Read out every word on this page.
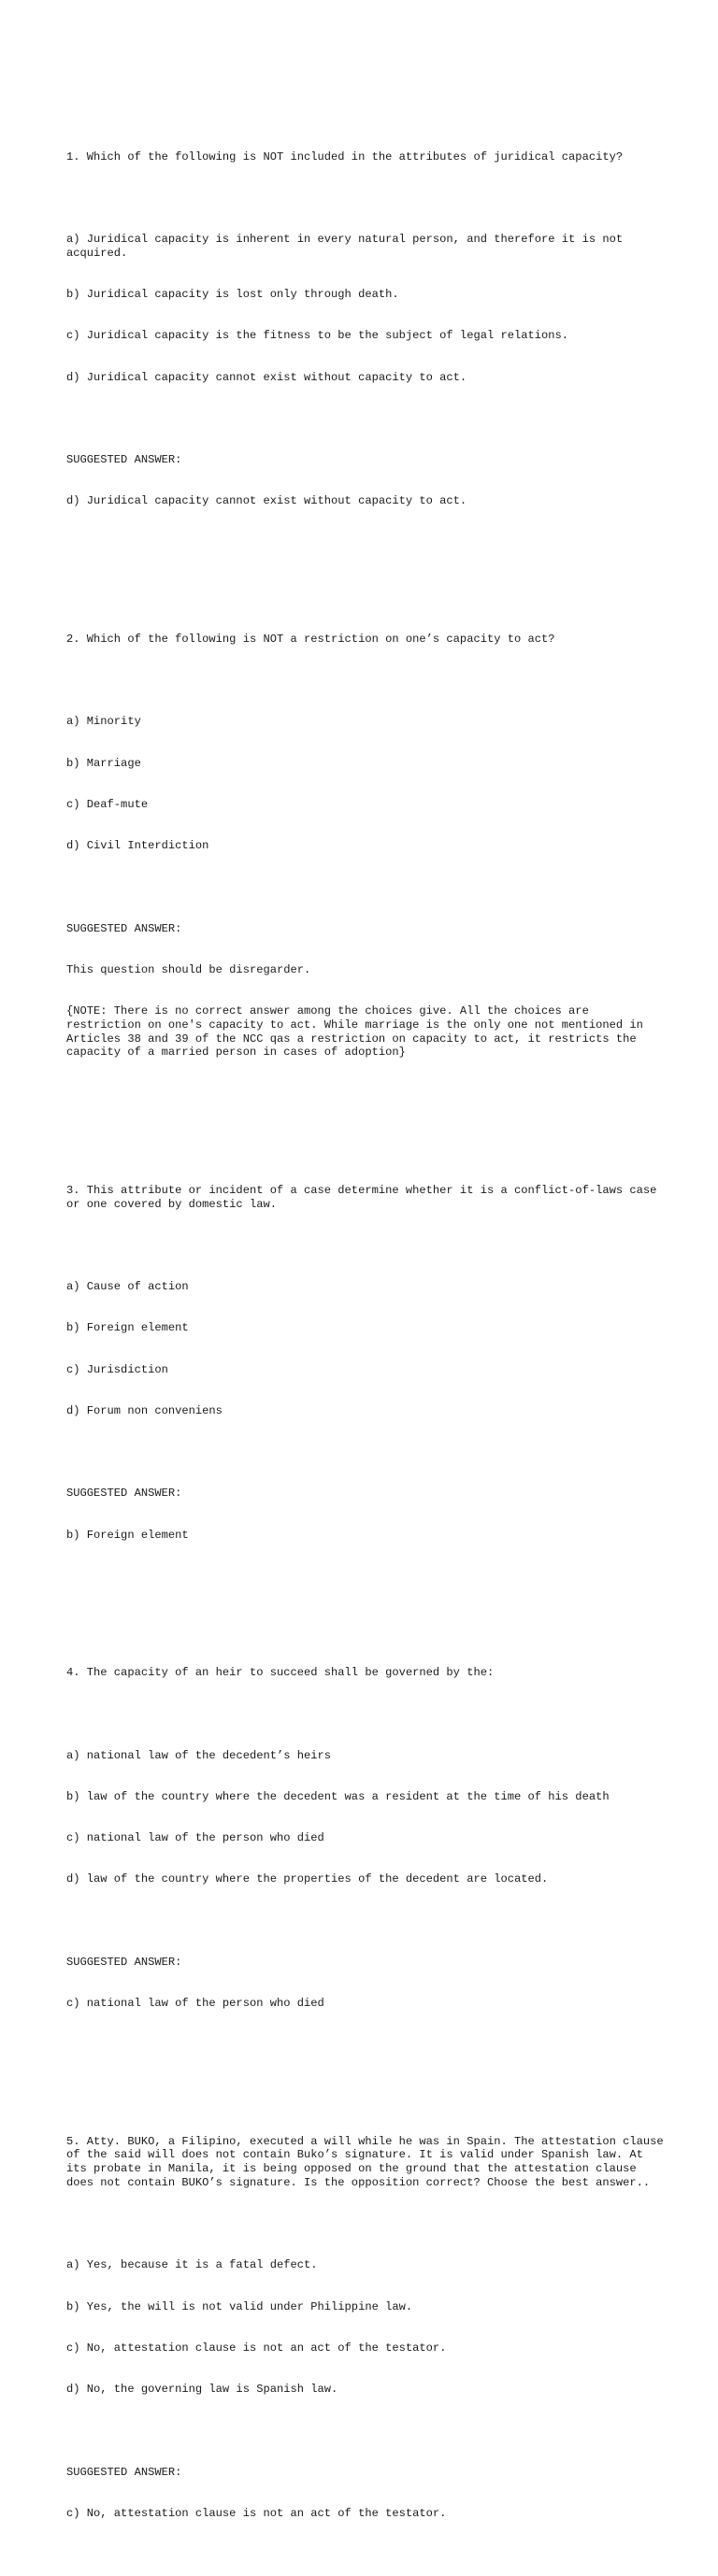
1. Which of the following is NOT included in the attributes of juridical capacity?

a) Juridical capacity is inherent in every natural person, and therefore it is not acquired.

b) Juridical capacity is lost only through death.

c) Juridical capacity is the fitness to be the subject of legal relations.

d) Juridical capacity cannot exist without capacity to act.

SUGGESTED ANSWER:

d) Juridical capacity cannot exist without capacity to act.

2. Which of the following is NOT a restriction on one’s capacity to act?

a) Minority

b) Marriage

c) Deaf-mute

d) Civil Interdiction

SUGGESTED ANSWER:

This question should be disregarder.

{NOTE: There is no correct answer among the choices give. All the choices are restriction on one's capacity to act. While marriage is the only one not mentioned in Articles 38 and 39 of the NCC qas a restriction on capacity to act, it restricts the capacity of a married person in cases of adoption}

3. This attribute or incident of a case determine whether it is a conflict-of-laws case or one covered by domestic law.

a) Cause of action

b) Foreign element

c) Jurisdiction

d) Forum non conveniens

SUGGESTED ANSWER:

b) Foreign element

4. The capacity of an heir to succeed shall be governed by the:

a) national law of the decedent’s heirs

b) law of the country where the decedent was a resident at the time of his death

c) national law of the person who died

d) law of the country where the properties of the decedent are located.

SUGGESTED ANSWER:

c) national law of the person who died

5. Atty. BUKO, a Filipino, executed a will while he was in Spain. The attestation clause of the said will does not contain Buko’s signature. It is valid under Spanish law. At its probate in Manila, it is being opposed on the ground that the attestation clause does not contain BUKO’s signature. Is the opposition correct? Choose the best answer..

a) Yes, because it is a fatal defect.

b) Yes, the will is not valid under Philippine law.

c) No, attestation clause is not an act of the testator.

d) No, the governing law is Spanish law.

SUGGESTED ANSWER:

c) No, attestation clause is not an act of the testator.
